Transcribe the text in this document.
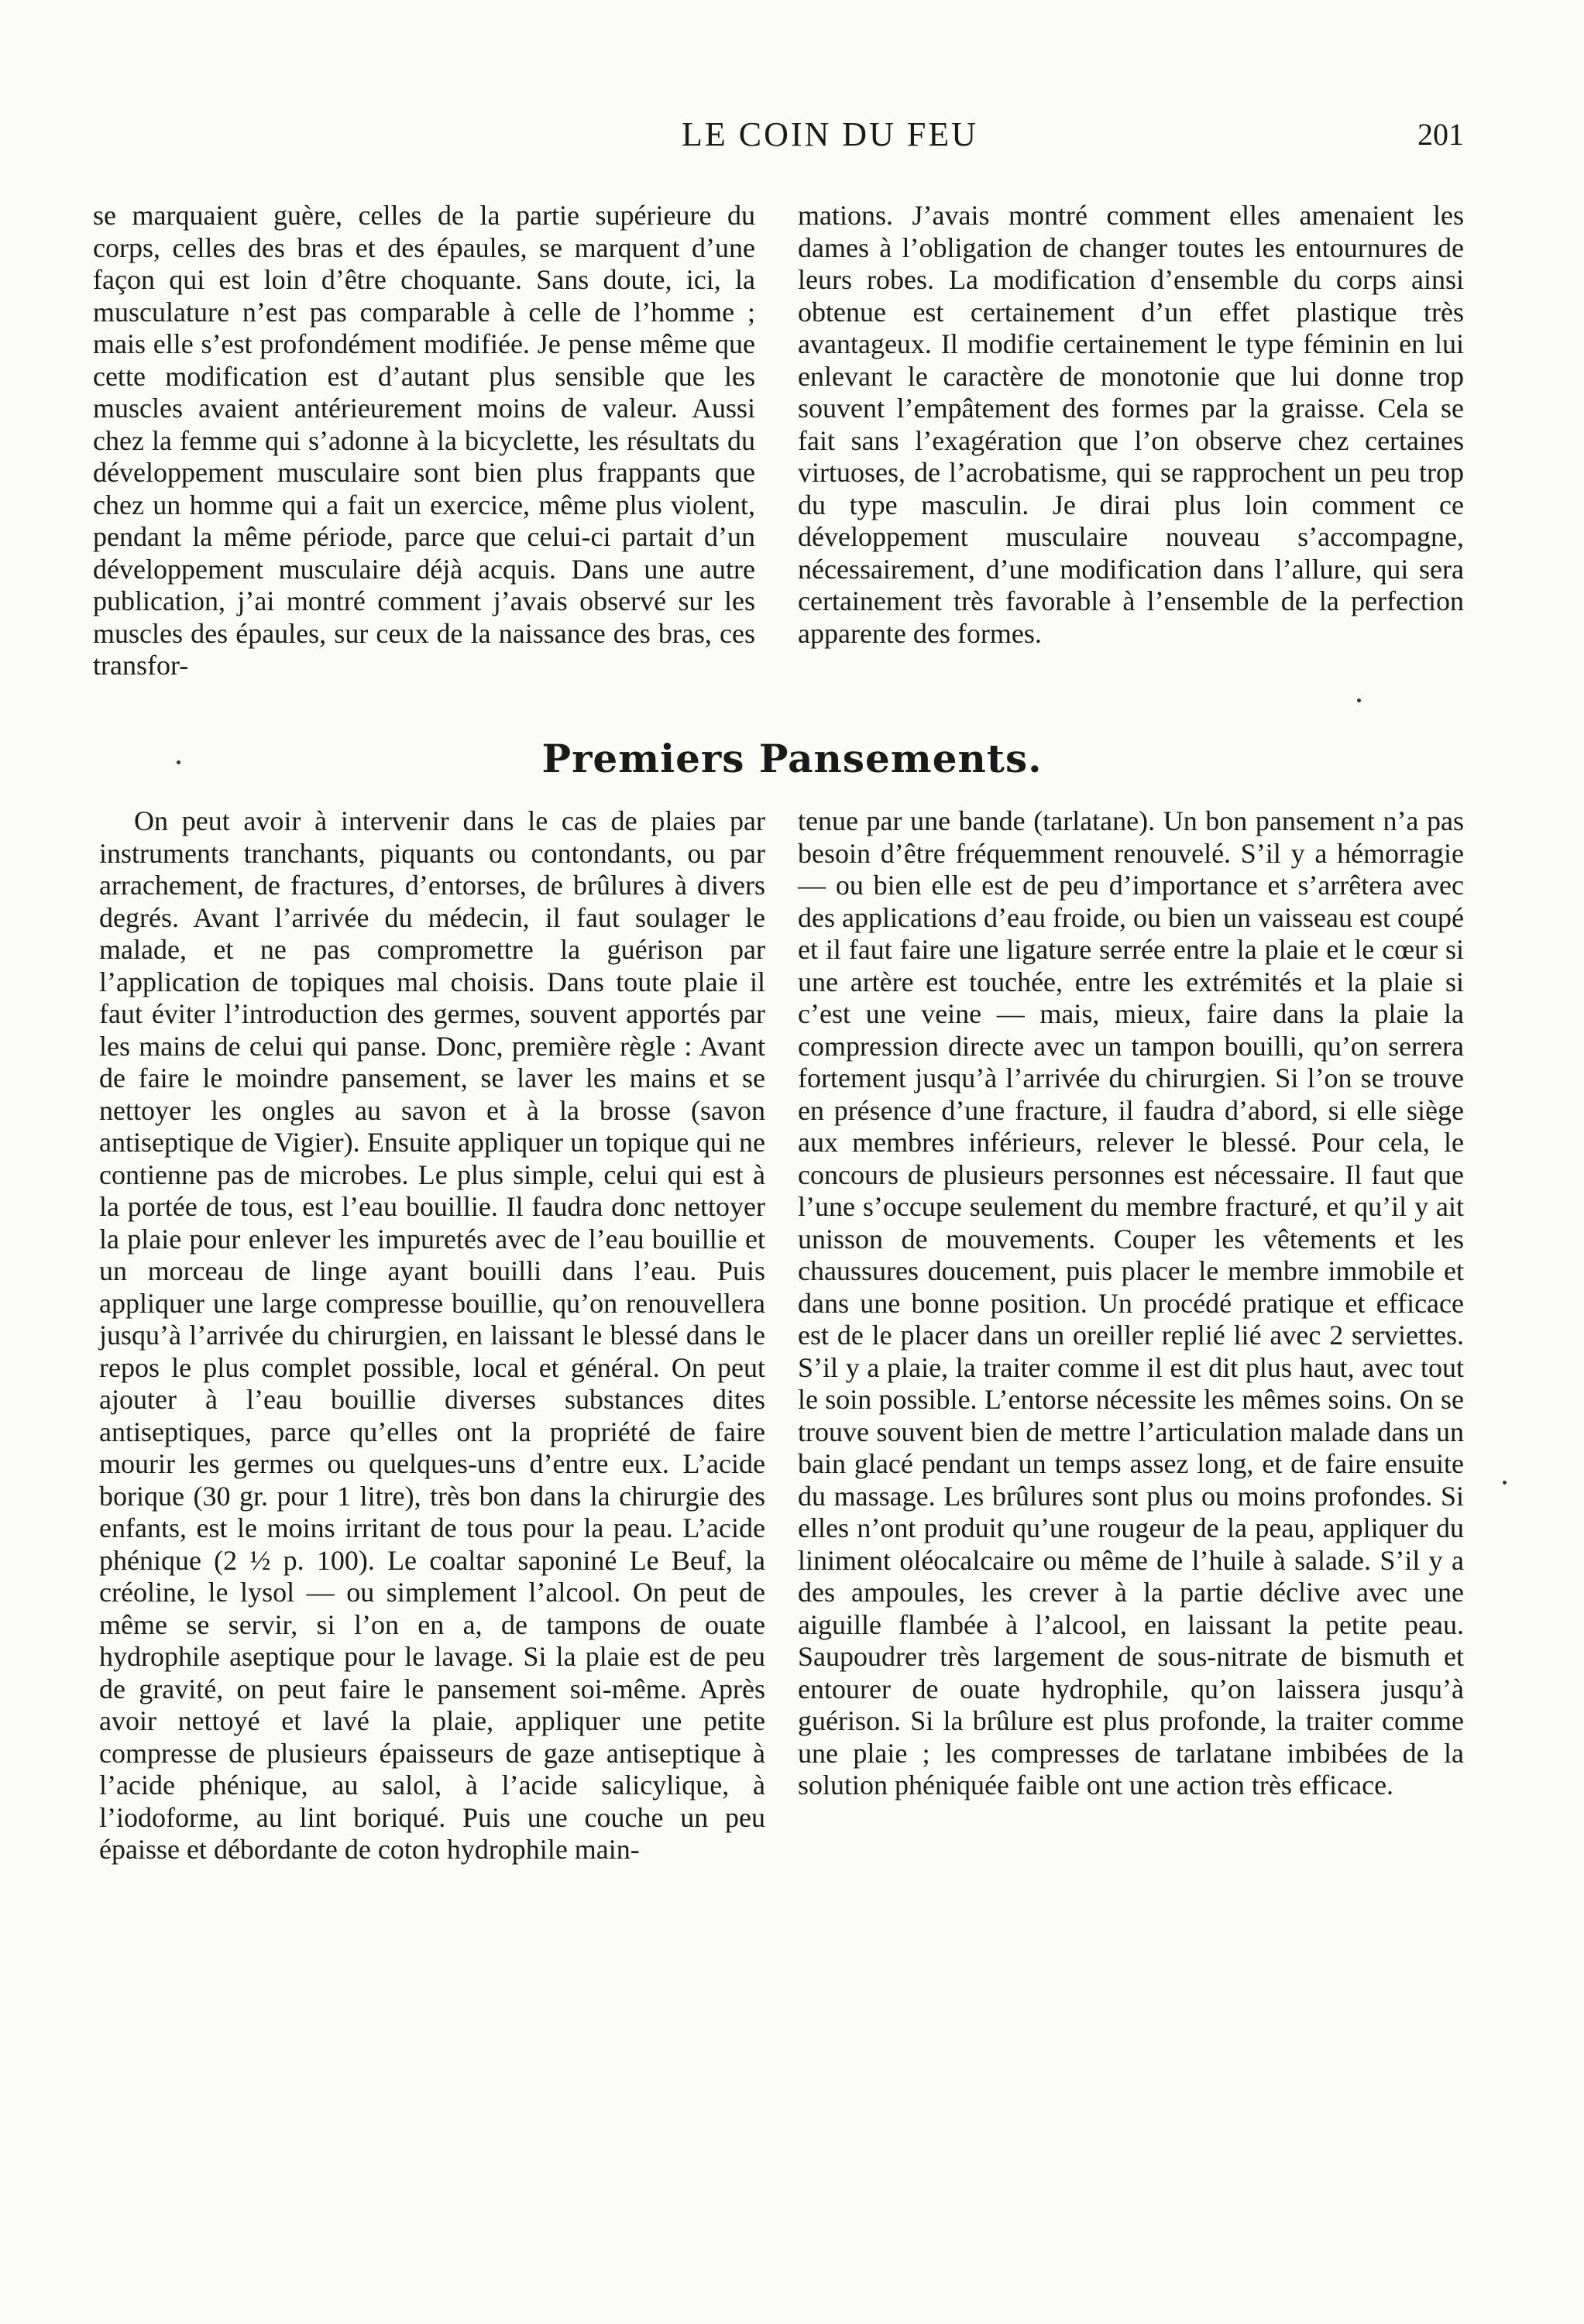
LE COIN DU FEU	201

se marquaient guère, celles de la partie supérieure du corps, celles des bras et des épaules, se marquent d’une façon qui est loin d’être choquante. Sans doute, ici, la musculature n’est pas comparable à celle de l’homme ; mais elle s’est profondément modifiée. Je pense même que cette modification est d’autant plus sensible que les muscles avaient antérieurement moins de valeur. Aussi chez la femme qui s’adonne à la bicyclette, les résultats du développement musculaire sont bien plus frappants que chez un homme qui a fait un exercice, même plus violent, pendant la même période, parce que celui-ci partait d’un développement musculaire déjà acquis. Dans une autre publication, j’ai montré comment j’avais observé sur les muscles des épaules, sur ceux de la naissance des bras, ces transfor-

mations. J’avais montré comment elles amenaient les dames à l’obligation de changer toutes les entournures de leurs robes. La modification d’ensemble du corps ainsi obtenue est certainement d’un effet plastique très avantageux. Il modifie certainement le type féminin en lui enlevant le caractère de monotonie que lui donne trop souvent l’empâtement des formes par la graisse. Cela se fait sans l’exagération que l’on observe chez certaines virtuoses, de l’acrobatisme, qui se rapprochent un peu trop du type masculin. Je dirai plus loin comment ce développement musculaire nouveau s’accompagne, nécessairement, d’une modification dans l’allure, qui sera certainement très favorable à l’ensemble de la perfection apparente des formes.

Premiers Pansements.

On peut avoir à intervenir dans le cas de plaies par instruments tranchants, piquants ou contondants, ou par arrachement, de fractures, d’entorses, de brûlures à divers degrés. Avant l’arrivée du médecin, il faut soulager le malade, et ne pas compromettre la guérison par l’application de topiques mal choisis. Dans toute plaie il faut éviter l’introduction des germes, souvent apportés par les mains de celui qui panse. Donc, première règle : Avant de faire le moindre pansement, se laver les mains et se nettoyer les ongles au savon et à la brosse (savon antiseptique de Vigier). Ensuite appliquer un topique qui ne contienne pas de microbes. Le plus simple, celui qui est à la portée de tous, est l’eau bouillie. Il faudra donc nettoyer la plaie pour enlever les impuretés avec de l’eau bouillie et un morceau de linge ayant bouilli dans l’eau. Puis appliquer une large compresse bouillie, qu’on renouvellera jusqu’à l’arrivée du chirurgien, en laissant le blessé dans le repos le plus complet possible, local et général. On peut ajouter à l’eau bouillie diverses substances dites antiseptiques, parce qu’elles ont la propriété de faire mourir les germes ou quelques-uns d’entre eux. L’acide borique (30 gr. pour 1 litre), très bon dans la chirurgie des enfants, est le moins irritant de tous pour la peau. L’acide phénique (2 ½ p. 100). Le coaltar saponiné Le Beuf, la créoline, le lysol — ou simplement l’alcool. On peut de même se servir, si l’on en a, de tampons de ouate hydrophile aseptique pour le lavage. Si la plaie est de peu de gravité, on peut faire le pansement soi-même. Après avoir nettoyé et lavé la plaie, appliquer une petite compresse de plusieurs épaisseurs de gaze antiseptique à l’acide phénique, au salol, à l’acide salicylique, à l’iodoforme, au lint boriqué. Puis une couche un peu épaisse et débordante de coton hydrophile main-

tenue par une bande (tarlatane). Un bon pansement n’a pas besoin d’être fréquemment renouvelé. S’il y a hémorragie — ou bien elle est de peu d’importance et s’arrêtera avec des applications d’eau froide, ou bien un vaisseau est coupé et il faut faire une ligature serrée entre la plaie et le cœur si une artère est touchée, entre les extrémités et la plaie si c’est une veine — mais, mieux, faire dans la plaie la compression directe avec un tampon bouilli, qu’on serrera fortement jusqu’à l’arrivée du chirurgien. Si l’on se trouve en présence d’une fracture, il faudra d’abord, si elle siège aux membres inférieurs, relever le blessé. Pour cela, le concours de plusieurs personnes est nécessaire. Il faut que l’une s’occupe seulement du membre fracturé, et qu’il y ait unisson de mouvements. Couper les vêtements et les chaussures doucement, puis placer le membre immobile et dans une bonne position. Un procédé pratique et efficace est de le placer dans un oreiller replié lié avec 2 serviettes. S’il y a plaie, la traiter comme il est dit plus haut, avec tout le soin possible. L’entorse nécessite les mêmes soins. On se trouve souvent bien de mettre l’articulation malade dans un bain glacé pendant un temps assez long, et de faire ensuite du massage. Les brûlures sont plus ou moins profondes. Si elles n’ont produit qu’une rougeur de la peau, appliquer du liniment oléocalcaire ou même de l’huile à salade. S’il y a des ampoules, les crever à la partie déclive avec une aiguille flambée à l’alcool, en laissant la petite peau. Saupoudrer très largement de sous-nitrate de bismuth et entourer de ouate hydrophile, qu’on laissera jusqu’à guérison. Si la brûlure est plus profonde, la traiter comme une plaie ; les compresses de tarlatane imbibées de la solution phéniquée faible ont une action très efficace.
